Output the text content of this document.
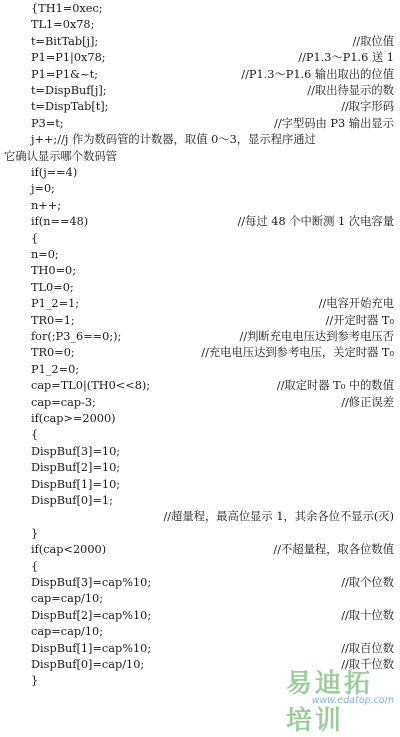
{TH1=0xec;
TL1=0x78;
t=BitTab[j];	//取位值
P1=P1|0x78;	//P1.3～P1.6 送 1
P1=P1&~t;	//P1.3～P1.6 输出取出的位值
t=DispBuf[j];	//取出待显示的数
t=DispTab[t];	//取字形码
P3=t;	//字型码由 P3 输出显示
j++;//j 作为数码管的计数器，取值 0～3，显示程序通过
它确认显示哪个数码管
if(j==4)
j=0;
n++;
if(n==48)	//每过 48 个中断测 1 次电容量
{
n=0;
TH0=0;
TL0=0;
P1_2=1;	//电容开始充电
TR0=1;	//开定时器 T₀
for(;P3_6==0;);	//判断充电电压达到参考电压否
TR0=0;	//充电电压达到参考电压，关定时器 T₀
P1_2=0;
cap=TL0|(TH0<<8);	//取定时器 T₀ 中的数值
cap=cap-3;	//修正误差
if(cap>=2000)
{
DispBuf[3]=10;
DispBuf[2]=10;
DispBuf[1]=10;
DispBuf[0]=1;
//超量程，最高位显示 1，其余各位不显示(灭)
}
if(cap<2000)	//不超量程，取各位数值
{
DispBuf[3]=cap%10;	//取个位数
cap=cap/10;
DispBuf[2]=cap%10;	//取十位数
cap=cap/10;
DispBuf[1]=cap%10;	//取百位数
DispBuf[0]=cap/10;	//取千位数
}	易迪拓培训
www.edatop.com
